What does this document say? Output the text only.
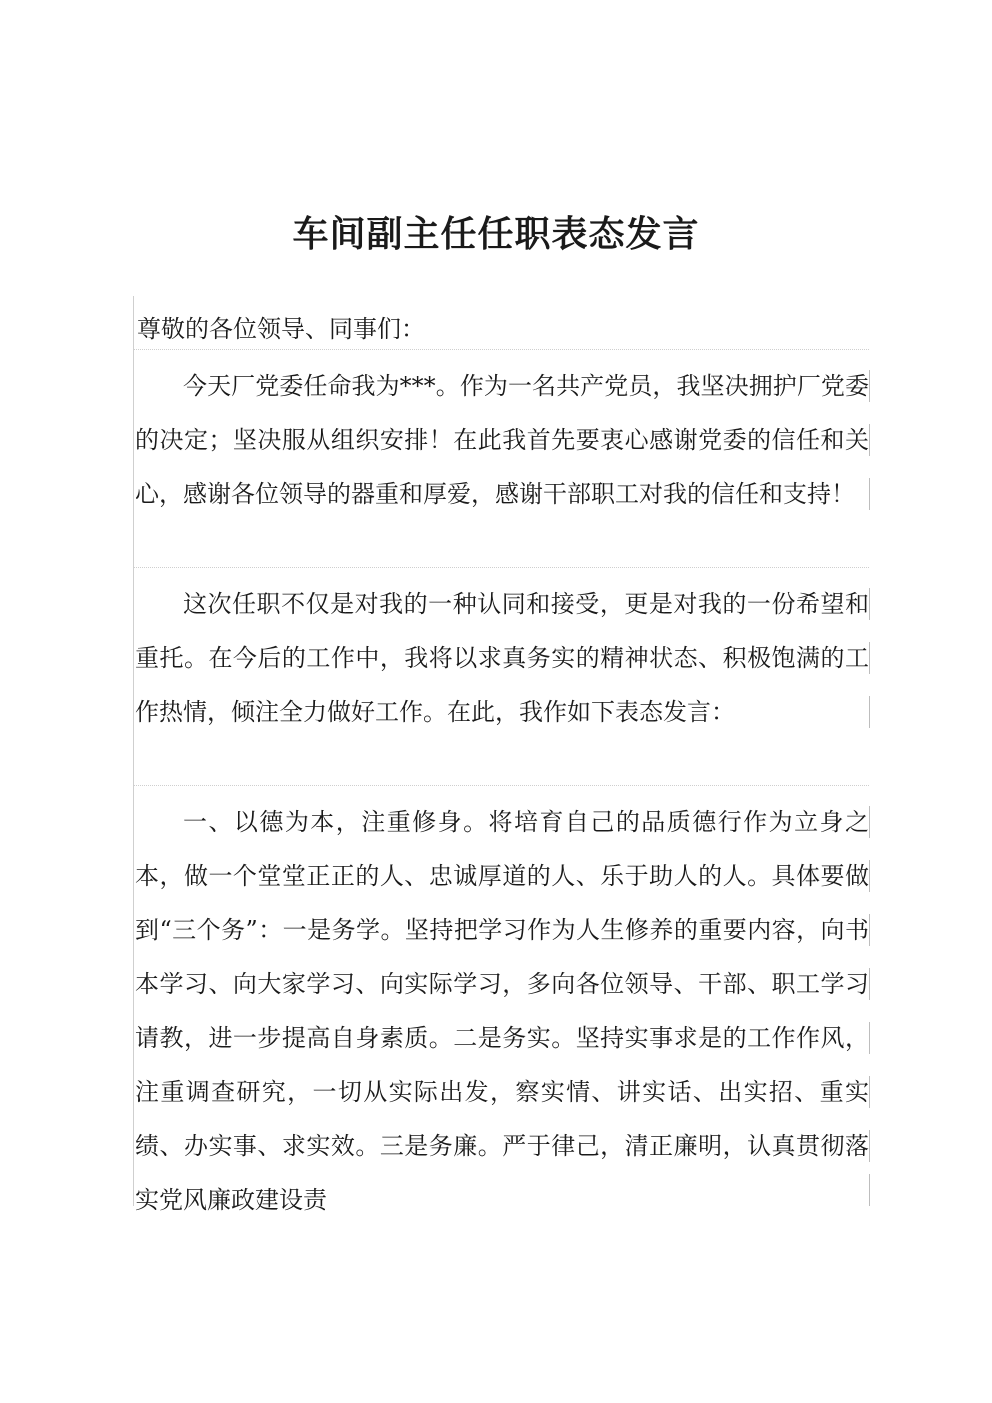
车间副主任任职表态发言

尊敬的各位领导、同事们：

今天厂党委任命我为***。作为一名共产党员，我坚决拥护厂党委的决定；坚决服从组织安排！在此我首先要衷心感谢党委的信任和关心，感谢各位领导的器重和厚爱，感谢干部职工对我的信任和支持！

这次任职不仅是对我的一种认同和接受，更是对我的一份希望和重托。在今后的工作中，我将以求真务实的精神状态、积极饱满的工作热情，倾注全力做好工作。在此，我作如下表态发言：

一、以德为本，注重修身。将培育自己的品质德行作为立身之本，做一个堂堂正正的人、忠诚厚道的人、乐于助人的人。具体要做到“三个务”：一是务学。坚持把学习作为人生修养的重要内容，向书本学习、向大家学习、向实际学习，多向各位领导、干部、职工学习请教，进一步提高自身素质。二是务实。坚持实事求是的工作作风，注重调查研究，一切从实际出发，察实情、讲实话、出实招、重实绩、办实事、求实效。三是务廉。严于律己，清正廉明，认真贯彻落实党风廉政建设责
